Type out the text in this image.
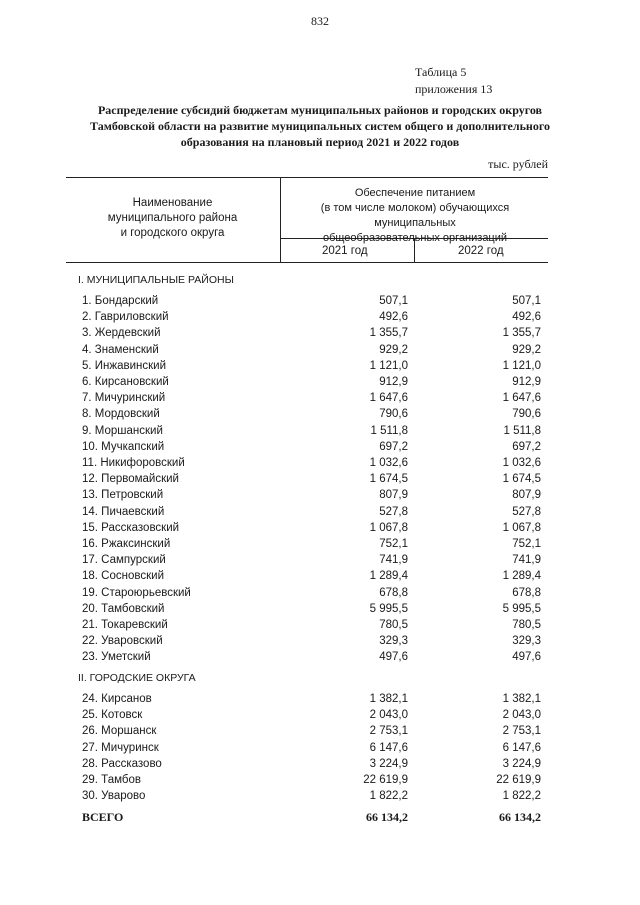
832
Таблица 5
приложения 13
Распределение субсидий бюджетам муниципальных районов и городских округов
Тамбовской области на развитие муниципальных систем общего и дополнительного
образования на плановый период 2021 и 2022 годов
тыс. рублей
Наименование
муниципального района
и городского округа
Обеспечение питанием
(в том числе молоком) обучающихся муниципальных
общеобразовательных организаций
2021 год	2022 год
I. МУНИЦИПАЛЬНЫЕ РАЙОНЫ
1. Бондарский	507,1	507,1
2. Гавриловский	492,6	492,6
3. Жердевский	1 355,7	1 355,7
4. Знаменский	929,2	929,2
5. Инжавинский	1 121,0	1 121,0
6. Кирсановский	912,9	912,9
7. Мичуринский	1 647,6	1 647,6
8. Мордовский	790,6	790,6
9. Моршанский	1 511,8	1 511,8
10. Мучкапский	697,2	697,2
11. Никифоровский	1 032,6	1 032,6
12. Первомайский	1 674,5	1 674,5
13. Петровский	807,9	807,9
14. Пичаевский	527,8	527,8
15. Рассказовский	1 067,8	1 067,8
16. Ржаксинский	752,1	752,1
17. Сампурский	741,9	741,9
18. Сосновский	1 289,4	1 289,4
19. Староюрьевский	678,8	678,8
20. Тамбовский	5 995,5	5 995,5
21. Токаревский	780,5	780,5
22. Уваровский	329,3	329,3
23. Уметский	497,6	497,6
II. ГОРОДСКИЕ ОКРУГА
24. Кирсанов	1 382,1	1 382,1
25. Котовск	2 043,0	2 043,0
26. Моршанск	2 753,1	2 753,1
27. Мичуринск	6 147,6	6 147,6
28. Рассказово	3 224,9	3 224,9
29. Тамбов	22 619,9	22 619,9
30. Уварово	1 822,2	1 822,2
ВСЕГО	66 134,2	66 134,2
